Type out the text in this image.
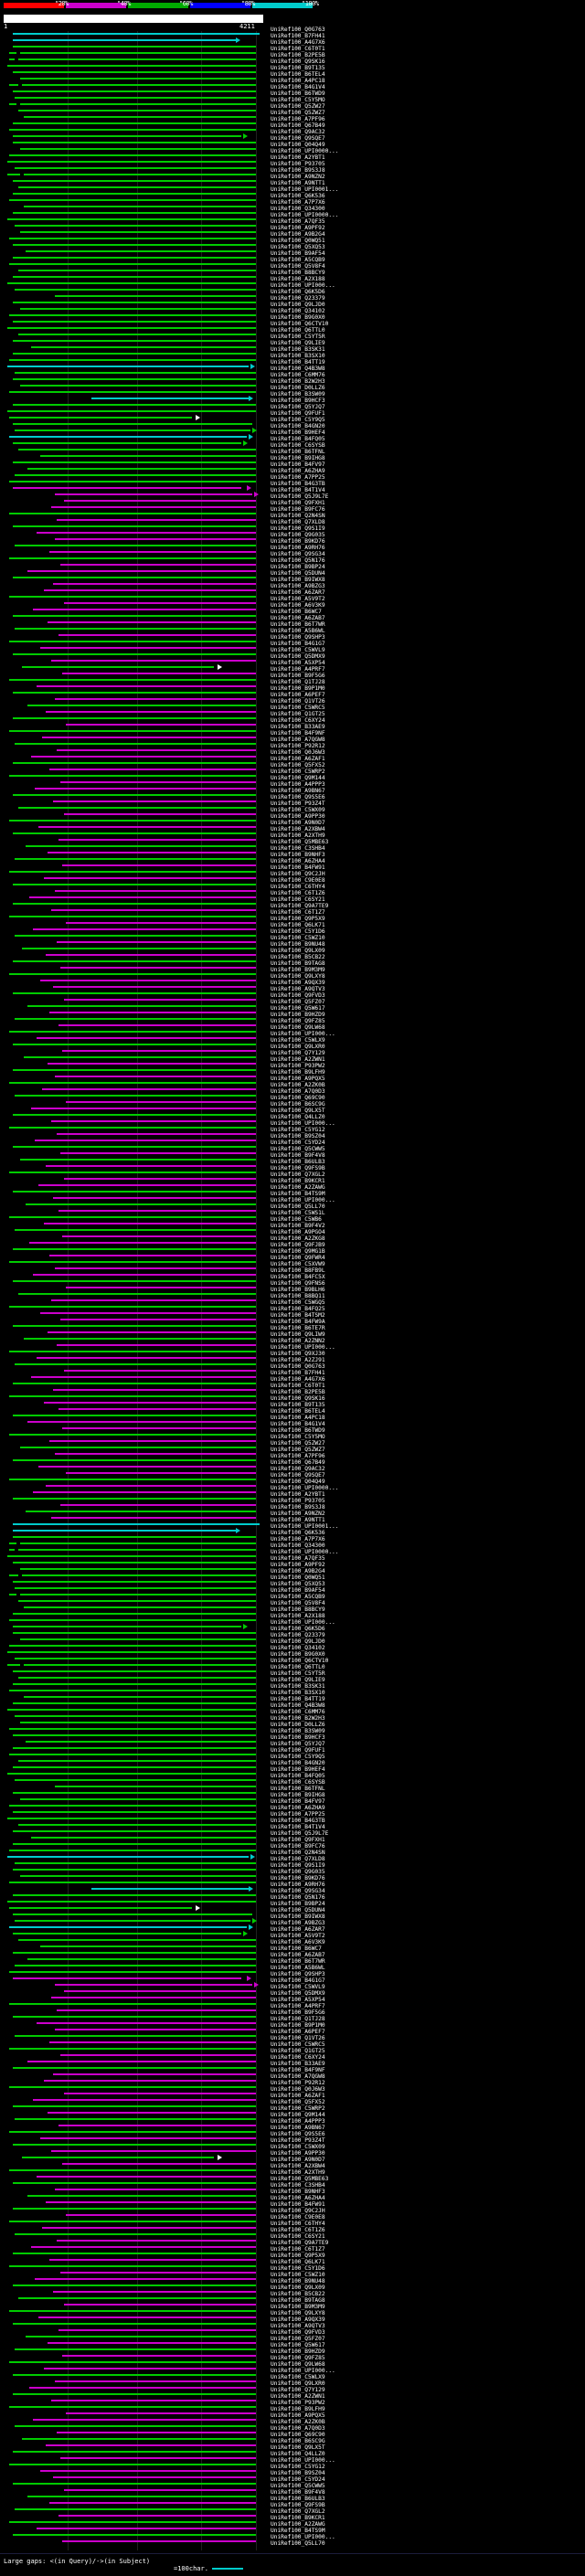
"20%	"40%	"60%	"80%	"100%
1	4211	UniRef100_Q0G763
UniRef100_B7FH41
UniRef100_A4G7X6
UniRef100_C6T0T1
UniRef100_B2PE5B
UniRef100_Q9SK16
UniRef100_B9T135
UniRef100_B6TEL4
UniRef100_A4PC18
UniRef100_B4G1V4
UniRef100_B6TWD9
UniRef100_C5Y5MO
UniRef100_Q5ZW27
UniRef100_Q5ZWZ7
UniRef100_A7PF96
UniRef100_Q67B49
UniRef100_Q9AC32
UniRef100_Q9SQE7
UniRef100_Q04Q49
UniRef100_UPI0000...
UniRef100_A2YBT1
UniRef100_P93705
UniRef100_B9S3J8
UniRef100_A9NZN2
UniRef100_A9NTT1
UniRef100_UPI0001...
UniRef100_Q6K536
UniRef100_A7P7X6
UniRef100_Q34300
UniRef100_UPI0000...
UniRef100_A7QF35
UniRef100_A9PF92
UniRef100_A9B2G4
UniRef100_Q0WQ51
UniRef100_Q5XQ53
UniRef100_B9AF54
UniRef100_A5CQB9
UniRef100_Q5V8F4
UniRef100_B8BCY9
UniRef100_A2X188
UniRef100_UPI000...
UniRef100_Q6K5D6
UniRef100_Q23379
UniRef100_Q9LJD0
UniRef100_Q34102
UniRef100_B9G0X0
UniRef100_Q6CTV10
UniRef100_Q6TTL0
UniRef100_C5YT5R
UniRef100_Q9LIE9
UniRef100_B3SK31
UniRef100_B3SX10
UniRef100_B4TT19
UniRef100_Q4B3W8
UniRef100_C6MM76
UniRef100_B2W2H3
UniRef100_D0LLZ6
UniRef100_B3SW09
UniRef100_B9HCF3
UniRef100_Q5YJQ7
UniRef100_Q9FUF1
UniRef100_C5Y9Q5
UniRef100_B4GN20
UniRef100_B9HEF4
UniRef100_B4FQ05
UniRef100_C6SYSB
UniRef100_B6TFNL
UniRef100_B9IHG8
UniRef100_B4FV97
UniRef100_A6ZHA9
UniRef100_A7PP25
UniRef100_B4G3TB
UniRef100_B4T1V4
UniRef100_Q5J9L7E
UniRef100_Q9FXH1
UniRef100_B9FC76
UniRef100_Q2N4SN
UniRef100_Q7XLD8
UniRef100_Q9S1I9
UniRef100_Q9G035
UniRef100_B9KD76
UniRef100_A9RH76
UniRef100_Q9SG34
UniRef100_Q5N176
UniRef100_B9BP24
UniRef100_Q5DUN4
UniRef100_B9IWX8
UniRef100_A9BZG3
UniRef100_A6ZAR7
UniRef100_A5V9T2
UniRef100_A6V3K9
UniRef100_B6WC7
UniRef100_A6ZAB7
UniRef100_B6T7WR
UniRef100_A5B6WL
UniRef100_Q9SHP3
UniRef100_B4G1G7
UniRef100_C5WVL9
UniRef100_Q5DMX9
UniRef100_A5XP54
UniRef100_A4PRF7
UniRef100_B9F5G6
UniRef100_Q1TJ28
UniRef100_B9P1M0
UniRef100_A6PEF7
UniRef100_Q1VT26
UniRef100_C5WRC5
UniRef100_Q1GT25
UniRef100_C6XY24
UniRef100_B33AE9
UniRef100_B4F9NF
UniRef100_A7QGW8
UniRef100_P92R12
UniRef100_Q0J6W3
UniRef100_A6ZAF1
UniRef100_Q5FX52
UniRef100_C5WRP2
UniRef100_Q9M144
UniRef100_A4PPP3
UniRef100_A9BN67
UniRef100_Q9S5E6
UniRef100_P93Z4T
UniRef100_C5WX09
UniRef100_A9PP30
UniRef100_A9N0D7
UniRef100_A2XBW4
UniRef100_A2XTH9
UniRef100_Q5MBE63
UniRef100_C3SHB4
UniRef100_B9NHF3
UniRef100_A6ZHA4
UniRef100_B4FW91
UniRef100_Q9C2JH
UniRef100_C9E0E8
UniRef100_C6THY4
UniRef100_C6T1Z6
UniRef100_C6SY21
UniRef100_Q9A7TE9
UniRef100_C6T1Z7
UniRef100_Q9P5X9
UniRef100_Q6LK71
UniRef100_C5Y1D6
UniRef100_C5WZ10
UniRef100_B9NU48
UniRef100_Q9LX09
UniRef100_B5CB22
UniRef100_B9TAG8
UniRef100_B9M3M9
UniRef100_Q9LXY8
UniRef100_A9QX39
UniRef100_A9QTV3
UniRef100_Q9FVD3
UniRef100_Q5FZ07
UniRef100_Q5W617
UniRef100_B9HZD9
UniRef100_Q9FZ85
UniRef100_Q9LW68
UniRef100_UPI000...
UniRef100_C5WLX9
UniRef100_Q9LXR0
UniRef100_Q7Y129
UniRef100_A2ZWN1
UniRef100_P93PW2
UniRef100_B9LFH9
UniRef100_A9PQX5
UniRef100_A2ZK0B
UniRef100_A7Q0D3
UniRef100_Q69C90
UniRef100_B6SC9G
UniRef100_Q9LX5T
UniRef100_Q4LLZ0
UniRef100_UPI000...
UniRef100_C5YG12
UniRef100_B9SZ04
UniRef100_C5YD24
UniRef100_Q5CWW5
UniRef100_B9F4V8
UniRef100_B6ULB3
UniRef100_Q9FS9B
UniRef100_Q7XGL2
UniRef100_B9KCR1
UniRef100_A2ZAWG
UniRef100_B4TS9M
UniRef100_UPI000...
UniRef100_Q5LL70
UniRef100_C5WS1L
UniRef100_C5WB6
UniRef100_B9F4V2
UniRef100_A9PGO4
UniRef100_A2ZKG8
UniRef100_Q9FJB9
UniRef100_Q9MG1B
UniRef100_Q9FWR4
UniRef100_C5XVW9
UniRef100_B8FB9L
UniRef100_B4FC5X
UniRef100_Q9FNS6
UniRef100_B9BLH6
UniRef100_B8BQ11
UniRef100_C5WGQ5
UniRef100_B4FQ25
UniRef100_B4TSM2
UniRef100_B4FW9A
UniRef100_B6TE7R
UniRef100_Q9LIW9
UniRef100_A2ZNN2
UniRef100_UPI000...
UniRef100_Q9XJ30
UniRef100_A2ZJ91
UniRef100_Q0G763
UniRef100_B7FH41
UniRef100_A4G7X6
UniRef100_C6T0T1
UniRef100_B2PE5B
UniRef100_Q9SK16
UniRef100_B9T135
UniRef100_B6TEL4
UniRef100_A4PC18
UniRef100_B4G1V4
UniRef100_B6TWD9
UniRef100_C5Y5MO
UniRef100_Q5ZW27
UniRef100_Q5ZWZ7
UniRef100_A7PF96
UniRef100_Q67B49
UniRef100_Q9AC32
UniRef100_Q9SQE7
UniRef100_Q04Q49
UniRef100_UPI0000...
UniRef100_A2YBT1
UniRef100_P93705
UniRef100_B9S3J8
UniRef100_A9NZN2
UniRef100_A9NTT1
UniRef100_UPI0001...
UniRef100_Q6K536
UniRef100_A7P7X6
UniRef100_Q34300
UniRef100_UPI0000...
UniRef100_A7QF35
UniRef100_A9PF92
UniRef100_A9B2G4
UniRef100_Q0WQ51
UniRef100_Q5XQ53
UniRef100_B9AF54
UniRef100_A5CQB9
UniRef100_Q5V8F4
UniRef100_B8BCY9
UniRef100_A2X188
UniRef100_UPI000...
UniRef100_Q6K5D6
UniRef100_Q23379
UniRef100_Q9LJD0
UniRef100_Q34102
UniRef100_B9G0X0
UniRef100_Q6CTV10
UniRef100_Q6TTL0
UniRef100_C5YT5R
UniRef100_Q9LIE9
UniRef100_B3SK31
UniRef100_B3SX10
UniRef100_B4TT19
UniRef100_Q4B3W8
UniRef100_C6MM76
UniRef100_B2W2H3
UniRef100_D0LLZ6
UniRef100_B3SW09
UniRef100_B9HCF3
UniRef100_Q5YJQ7
UniRef100_Q9FUF1
UniRef100_C5Y9Q5
UniRef100_B4GN20
UniRef100_B9HEF4
UniRef100_B4FQ05
UniRef100_C6SYSB
UniRef100_B6TFNL
UniRef100_B9IHG8
UniRef100_B4FV97
UniRef100_A6ZHA9
UniRef100_A7PP25
UniRef100_B4G3TB
UniRef100_B4T1V4
UniRef100_Q5J9L7E
UniRef100_Q9FXH1
UniRef100_B9FC76
UniRef100_Q2N4SN
UniRef100_Q7XLD8
UniRef100_Q9S1I9
UniRef100_Q9G035
UniRef100_B9KD76
UniRef100_A9RH76
UniRef100_Q9SG34
UniRef100_Q5N176
UniRef100_B9BP24
UniRef100_Q5DUN4
UniRef100_B9IWX8
UniRef100_A9BZG3
UniRef100_A6ZAR7
UniRef100_A5V9T2
UniRef100_A6V3K9
UniRef100_B6WC7
UniRef100_A6ZAB7
UniRef100_B6T7WR
UniRef100_A5B6WL
UniRef100_Q9SHP3
UniRef100_B4G1G7
UniRef100_C5WVL9
UniRef100_Q5DMX9
UniRef100_A5XP54
UniRef100_A4PRF7
UniRef100_B9F5G6
UniRef100_Q1TJ28
UniRef100_B9P1M0
UniRef100_A6PEF7
UniRef100_Q1VT26
UniRef100_C5WRC5
UniRef100_Q1GT25
UniRef100_C6XY24
UniRef100_B33AE9
UniRef100_B4F9NF
UniRef100_A7QGW8
UniRef100_P92R12
UniRef100_Q0J6W3
UniRef100_A6ZAF1
UniRef100_Q5FX52
UniRef100_C5WRP2
UniRef100_Q9M144
UniRef100_A4PPP3
UniRef100_A9BN67
UniRef100_Q9S5E6
UniRef100_P93Z4T
UniRef100_C5WX09
UniRef100_A9PP30
UniRef100_A9N0D7
UniRef100_A2XBW4
UniRef100_A2XTH9
UniRef100_Q5MBE63
UniRef100_C3SHB4
UniRef100_B9NHF3
UniRef100_A6ZHA4
UniRef100_B4FW91
UniRef100_Q9C2JH
UniRef100_C9E0E8
UniRef100_C6THY4
UniRef100_C6T1Z6
UniRef100_C6SY21
UniRef100_Q9A7TE9
UniRef100_C6T1Z7
UniRef100_Q9P5X9
UniRef100_Q6LK71
UniRef100_C5Y1D6
UniRef100_C5WZ10
UniRef100_B9NU48
UniRef100_Q9LX09
UniRef100_B5CB22
UniRef100_B9TAG8
UniRef100_B9M3M9
UniRef100_Q9LXY8
UniRef100_A9QX39
UniRef100_A9QTV3
UniRef100_Q9FVD3
UniRef100_Q5FZ07
UniRef100_Q5W617
UniRef100_B9HZD9
UniRef100_Q9FZ85
UniRef100_Q9LW68
UniRef100_UPI000...
UniRef100_C5WLX9
UniRef100_Q9LXR0
UniRef100_Q7Y129
UniRef100_A2ZWN1
UniRef100_P93PW2
UniRef100_B9LFH9
UniRef100_A9PQX5
UniRef100_A2ZK0B
UniRef100_A7Q0D3
UniRef100_Q69C90
UniRef100_B6SC9G
UniRef100_Q9LX5T
UniRef100_Q4LLZ0
UniRef100_UPI000...
UniRef100_C5YG12
UniRef100_B9SZ04
UniRef100_C5YD24
UniRef100_Q5CWW5
UniRef100_B9F4V8
UniRef100_B6ULB3
UniRef100_Q9FS9B
UniRef100_Q7XGL2
UniRef100_B9KCR1
UniRef100_A2ZAWG
UniRef100_B4TS9M
UniRef100_UPI000...
UniRef100_Q5LL70
Large gaps: <(in Query)/->(in Subject)
=100char.
